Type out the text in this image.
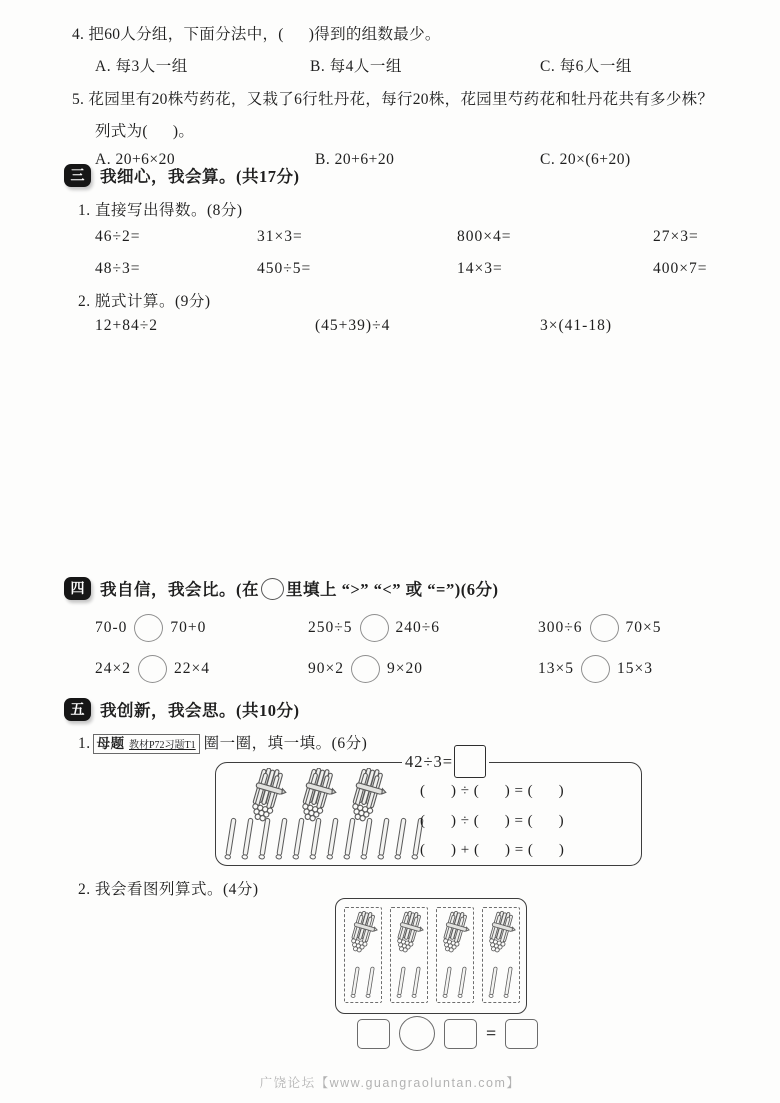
4. 把60人分组，下面分法中，(      )得到的组数最少。
A. 每3人一组	B. 每4人一组	C. 每6人一组
5. 花园里有20株芍药花，又栽了6行牡丹花，每行20株，花园里芍药花和牡丹花共有多少株？
列式为(      )。
A. 20+6×20	B. 20+6+20	C. 20×(6+20)
三 我细心，我会算。(共17分)
1. 直接写出得数。(8分)
46÷2=	31×3=	800×4=	27×3=
48÷3=	450÷5=	14×3=	400×7=
2. 脱式计算。(9分)
12+84÷2	(45+39)÷4	3×(41-18)
四 我自信，我会比。(在 里填上 “>” “<” 或 “=”)(6分)
70-0	70+0	250÷5	240÷6	300÷6	70×5
24×2	22×4	90×2	9×20	13×5	15×3
五 我创新，我会思。(共10分)
1. 母题 教材P72习题T1 圈一圈，填一填。(6分)
42÷3=
(      ) ÷ (      ) = (      )
(      ) ÷ (      ) = (      )
(      ) + (      ) = (      )
2. 我会看图列算式。(4分)
=
广饶论坛【www.guangraoluntan.com】
